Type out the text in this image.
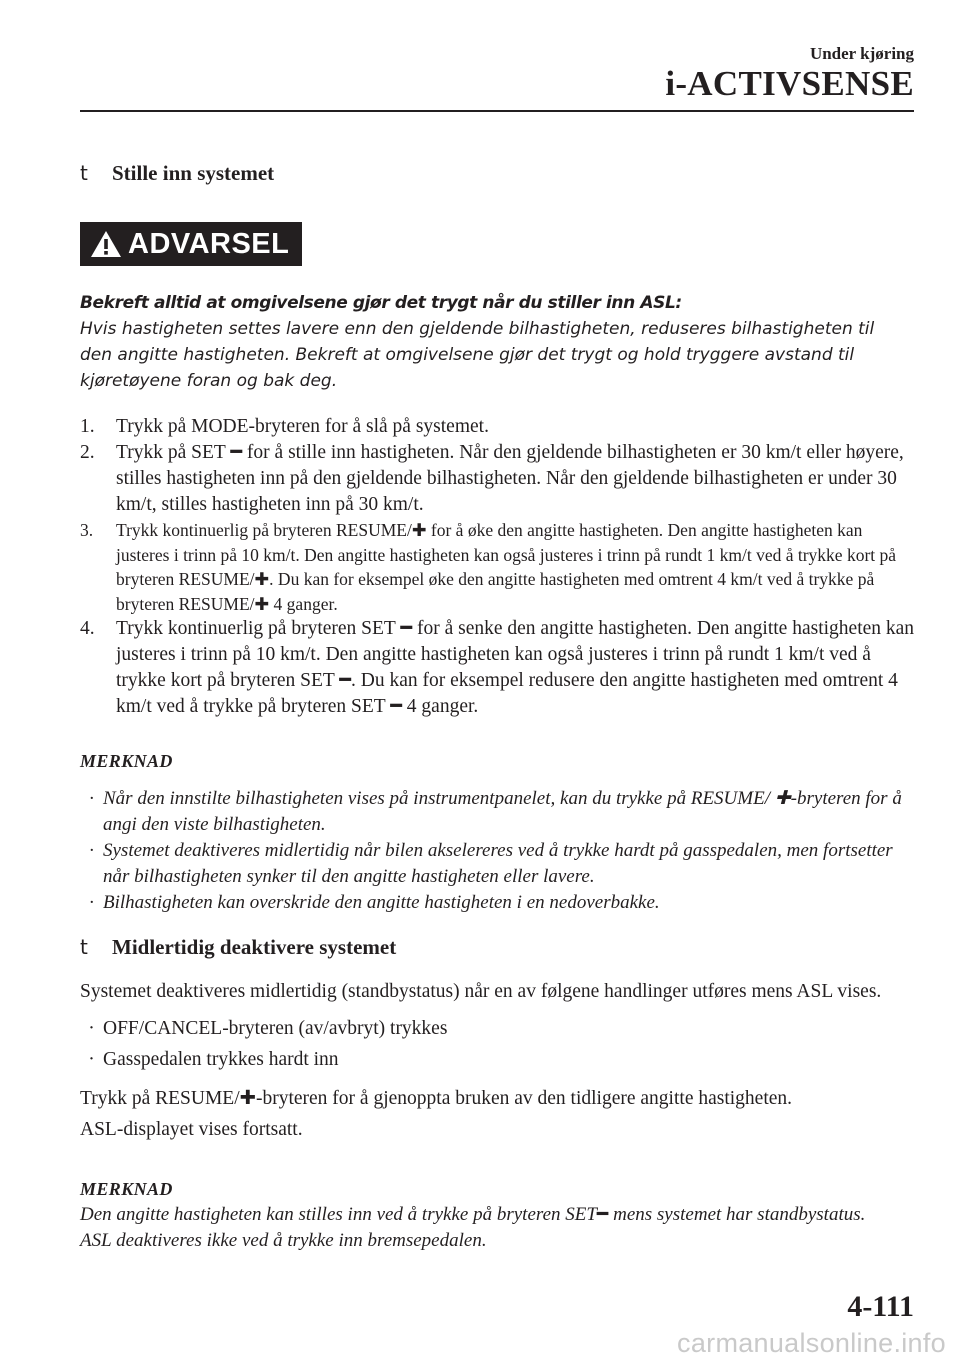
Under kjøring
i-ACTIVSENSE
t	Stille inn systemet
ADVARSEL

Bekreft alltid at omgivelsene gjør det trygt når du stiller inn ASL:

Hvis hastigheten settes lavere enn den gjeldende bilhastigheten, reduseres bilhastigheten til den angitte hastigheten. Bekreft at omgivelsene gjør det trygt og hold tryggere avstand til kjøretøyene foran og bak deg.

1.	Trykk på MODE-bryteren for å slå på systemet.
2.	Trykk på SET ━ for å stille inn hastigheten. Når den gjeldende bilhastigheten er 30 km/t eller høyere, stilles hastigheten inn på den gjeldende bilhastigheten. Når den gjeldende bilhastigheten er under 30 km/t, stilles hastigheten inn på 30 km/t.
3.	Trykk kontinuerlig på bryteren RESUME/✚ for å øke den angitte hastigheten. Den angitte hastigheten kan justeres i trinn på 10 km/t. Den angitte hastigheten kan også justeres i trinn på rundt 1 km/t ved å trykke kort på bryteren RESUME/✚. Du kan for eksempel øke den angitte hastigheten med omtrent 4 km/t ved å trykke på bryteren RESUME/✚ 4 ganger.
4.	Trykk kontinuerlig på bryteren SET ━ for å senke den angitte hastigheten. Den angitte hastigheten kan justeres i trinn på 10 km/t. Den angitte hastigheten kan også justeres i trinn på rundt 1 km/t ved å trykke kort på bryteren SET ━. Du kan for eksempel redusere den angitte hastigheten med omtrent 4 km/t ved å trykke på bryteren SET ━ 4 ganger.
MERKNAD
· Når den innstilte bilhastigheten vises på instrumentpanelet, kan du trykke på RESUME/ ✚-bryteren for å angi den viste bilhastigheten.
· Systemet deaktiveres midlertidig når bilen akselereres ved å trykke hardt på gasspedalen, men fortsetter når bilhastigheten synker til den angitte hastigheten eller lavere.
· Bilhastigheten kan overskride den angitte hastigheten i en nedoverbakke.
t	Midlertidig deaktivere systemet

Systemet deaktiveres midlertidig (standbystatus) når en av følgene handlinger utføres mens ASL vises.

· OFF/CANCEL-bryteren (av/avbryt) trykkes
· Gasspedalen trykkes hardt inn

Trykk på RESUME/✚-bryteren for å gjenoppta bruken av den tidligere angitte hastigheten.

ASL-displayet vises fortsatt.

MERKNAD
Den angitte hastigheten kan stilles inn ved å trykke på bryteren SET━ mens systemet har standbystatus.
ASL deaktiveres ikke ved å trykke inn bremsepedalen.
4-111
carmanualsonline.info
